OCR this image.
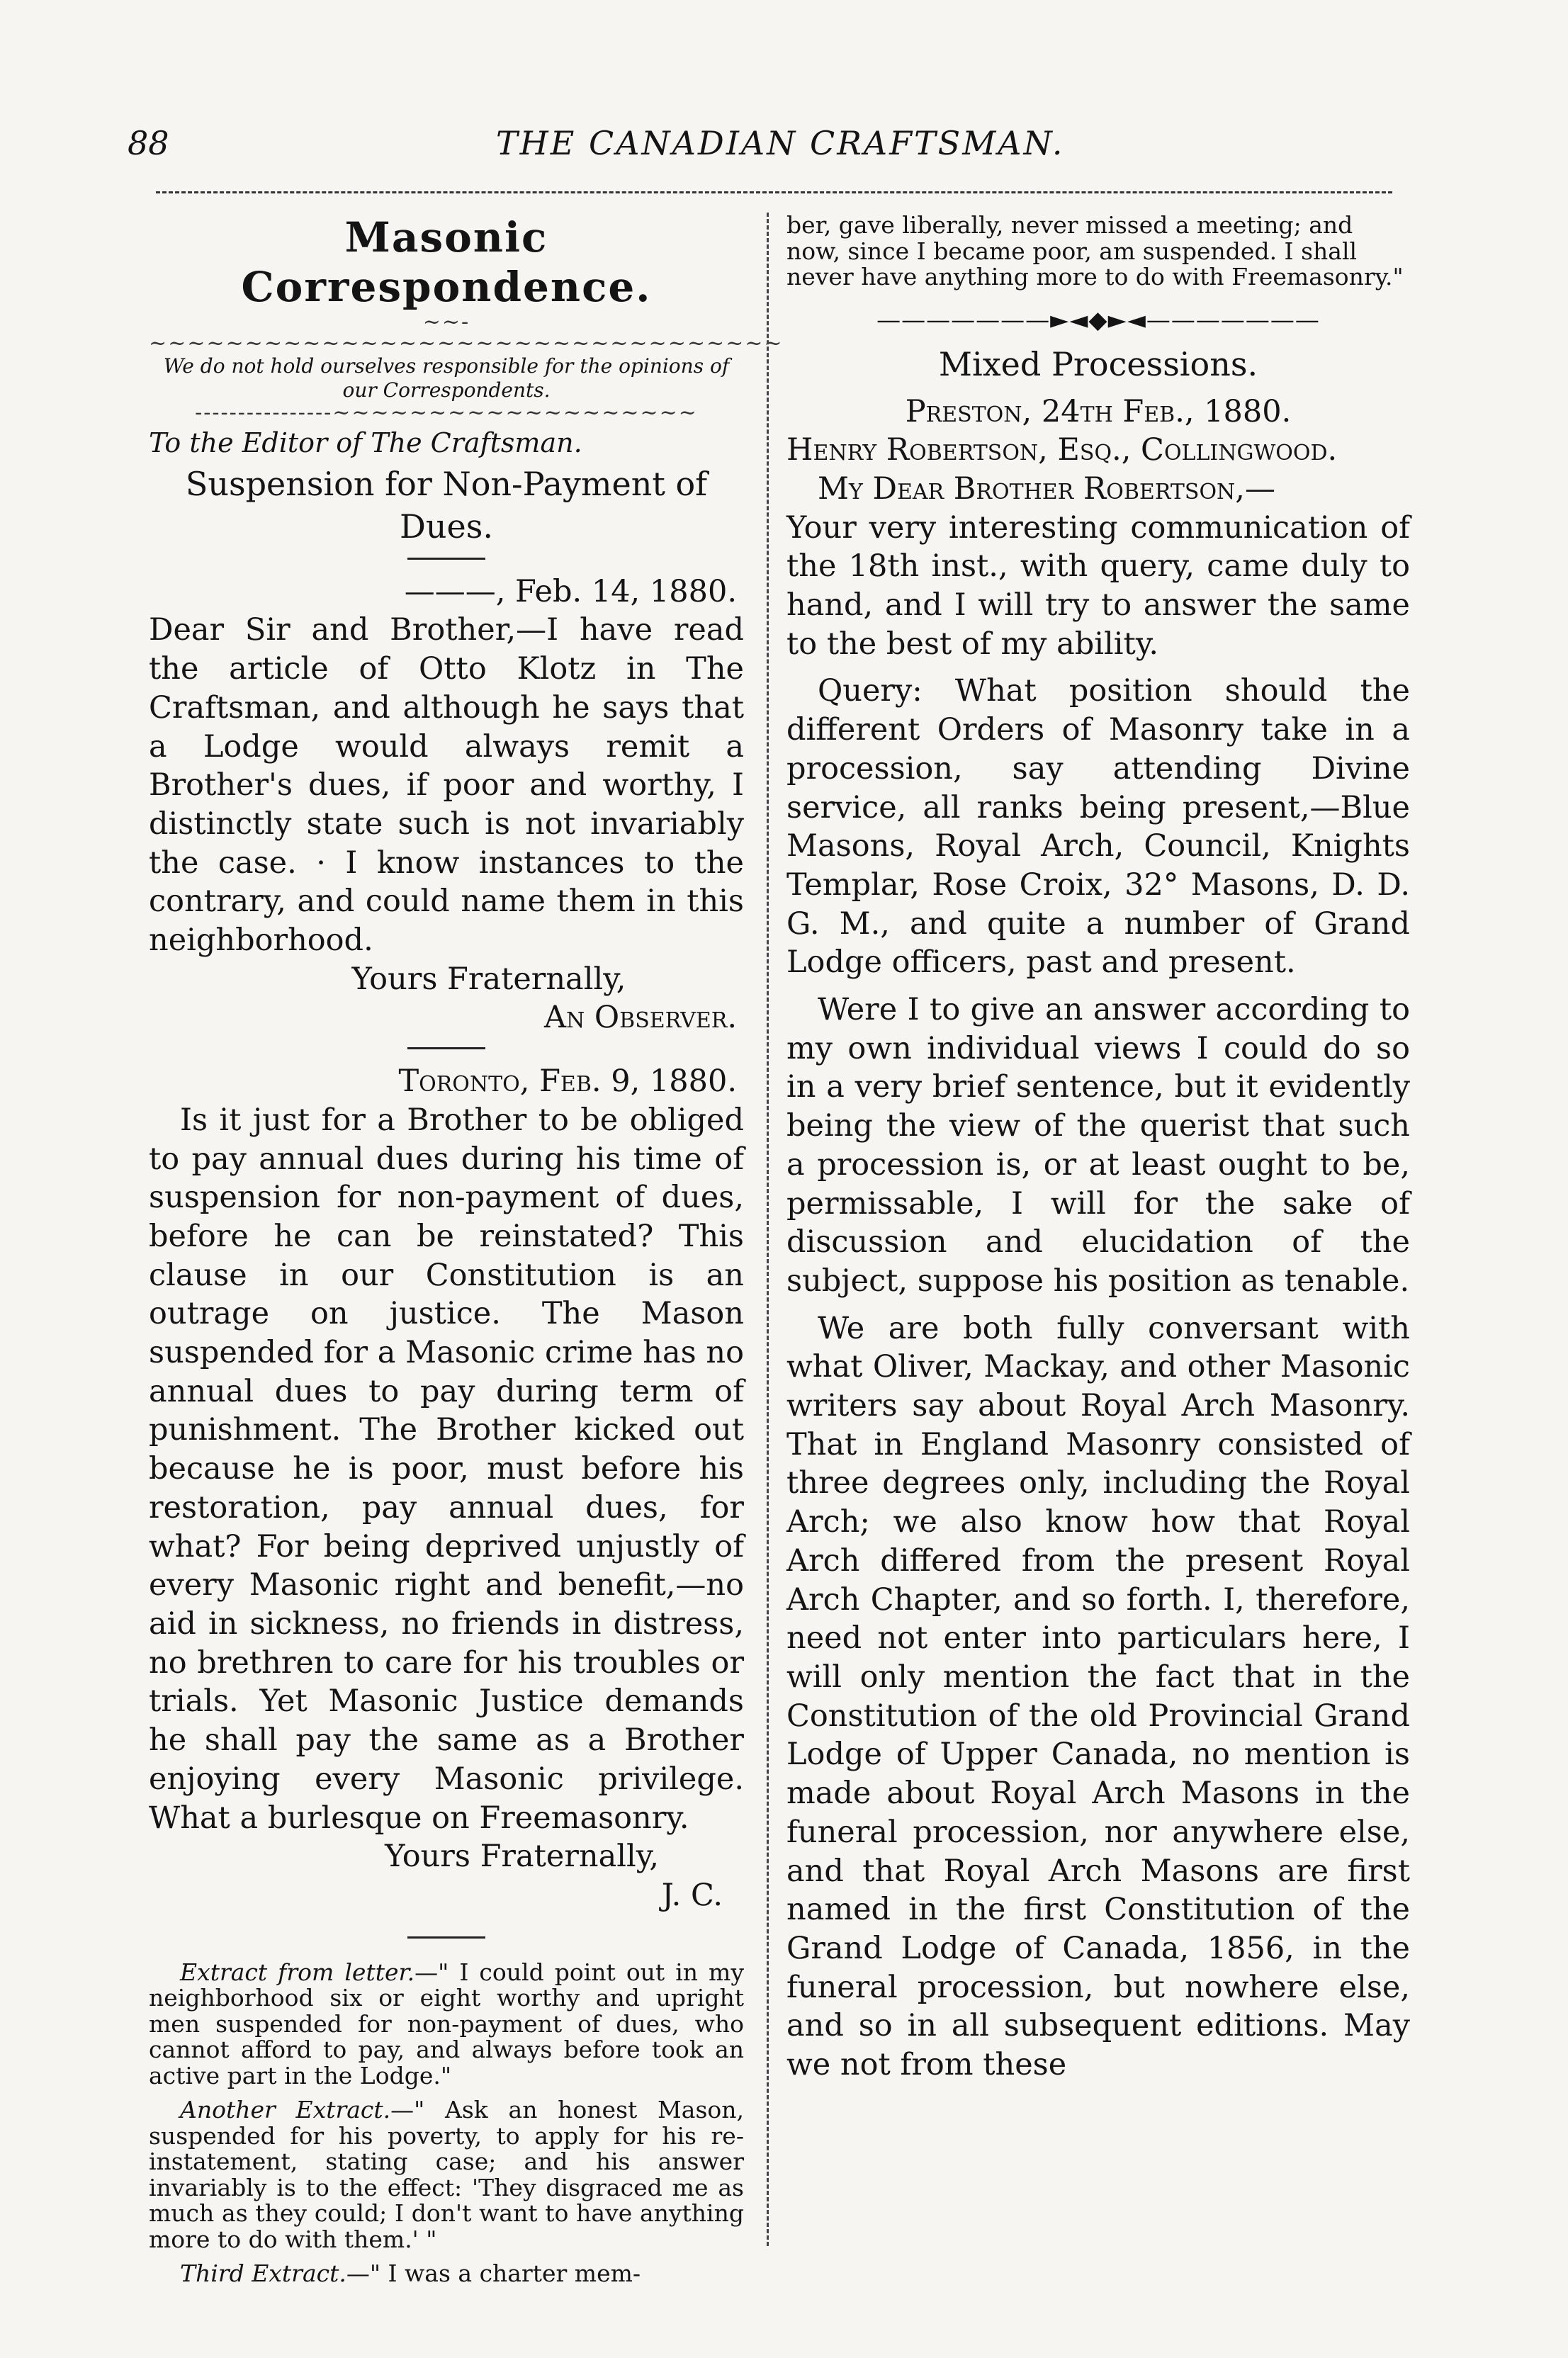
88	THE CANADIAN CRAFTSMAN.

Masonic Correspondence.

~~-~~~~~~~~~~~~~~~~~~~~~~~~~~~~~~~~~

We do not hold ourselves responsible for the opinions of our Correspondents.

----------------~~~~~~~~~~~~~~~~~~~

To the Editor of The Craftsman.

Suspension for Non-Payment of Dues.

———, Feb. 14, 1880.

Dear Sir and Brother,—I have read the article of Otto Klotz in The Craftsman, and although he says that a Lodge would always remit a Brother's dues, if poor and worthy, I distinctly state such is not invariably the case. · I know instances to the contrary, and could name them in this neighborhood.

Yours Fraternally,

An Observer.

Toronto, Feb. 9, 1880.

Is it just for a Brother to be obliged to pay annual dues during his time of suspension for non-payment of dues, before he can be reinstated? This clause in our Constitution is an outrage on justice. The Mason suspended for a Masonic crime has no annual dues to pay during term of punishment. The Brother kicked out because he is poor, must before his restoration, pay annual dues, for what? For being deprived unjustly of every Masonic right and benefit,—no aid in sickness, no friends in distress, no brethren to care for his troubles or trials. Yet Masonic Justice demands he shall pay the same as a Brother enjoying every Masonic privilege. What a burlesque on Freemasonry.

Yours Fraternally,

J. C.

Extract from letter.—" I could point out in my neighborhood six or eight worthy and upright men suspended for non-payment of dues, who cannot afford to pay, and always before took an active part in the Lodge."

Another Extract.—" Ask an honest Mason, suspended for his poverty, to apply for his re-instatement, stating case; and his answer invariably is to the effect: 'They disgraced me as much as they could; I don't want to have anything more to do with them.' "

Third Extract.—" I was a charter mem-

ber, gave liberally, never missed a meeting; and now, since I became poor, am suspended. I shall never have anything more to do with Freemasonry."

———————►◄◆►◄———————

Mixed Processions.

Preston, 24th Feb., 1880.

Henry Robertson, Esq., Collingwood.

My Dear Brother Robertson,—

Your very interesting communication of the 18th inst., with query, came duly to hand, and I will try to answer the same to the best of my ability.

Query: What position should the different Orders of Masonry take in a procession, say attending Divine service, all ranks being present,—Blue Masons, Royal Arch, Council, Knights Templar, Rose Croix, 32° Masons, D. D. G. M., and quite a number of Grand Lodge officers, past and present.

Were I to give an answer according to my own individual views I could do so in a very brief sentence, but it evidently being the view of the querist that such a procession is, or at least ought to be, permissable, I will for the sake of discussion and elucidation of the subject, suppose his position as tenable.

We are both fully conversant with what Oliver, Mackay, and other Masonic writers say about Royal Arch Masonry. That in England Masonry consisted of three degrees only, including the Royal Arch; we also know how that Royal Arch differed from the present Royal Arch Chapter, and so forth. I, therefore, need not enter into particulars here, I will only mention the fact that in the Constitution of the old Provincial Grand Lodge of Upper Canada, no mention is made about Royal Arch Masons in the funeral procession, nor anywhere else, and that Royal Arch Masons are first named in the first Constitution of the Grand Lodge of Canada, 1856, in the funeral procession, but nowhere else, and so in all subsequent editions. May we not from these
